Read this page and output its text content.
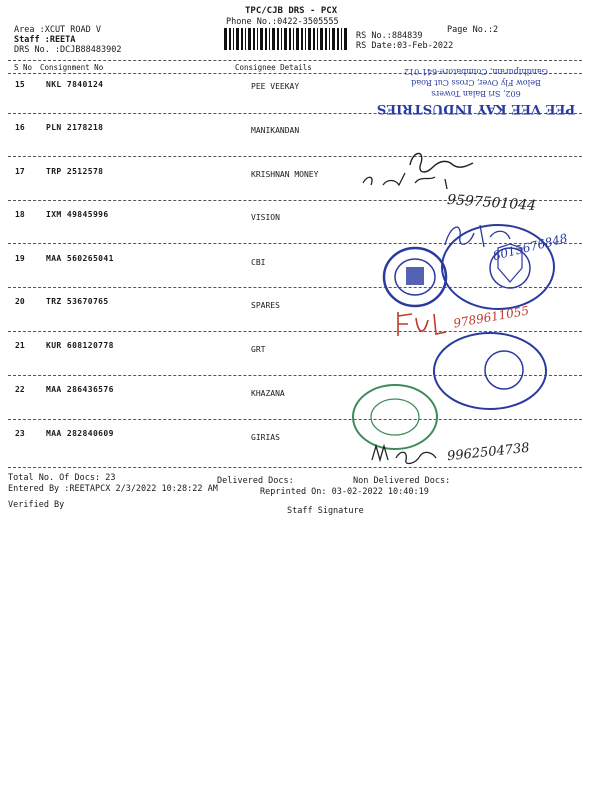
TPC/CJB DRS - PCX
Phone No.:0422-3505555
Area :XCUT ROAD V
Staff :REETA
DRS No. :DCJB88483902
RS No.:884839
RS Date:03-Feb-2022
Page No.:2
S No Consignment No	Consignee Details
15	NKL 7840124	PEE VEEKAY
16	PLN 2178218	MANIKANDAN
17	TRP 2512578	KRISHNAN MONEY
18	IXM 49845996	VISION
19	MAA 560265041	CBI
20	TRZ 53670765	SPARES
21	KUR 608120778	GRT
22	MAA 286436576	KHAZANA
23	MAA 282840609	GIRIAS
Total No. Of Docs: 23	Delivered Docs:	Non Delivered Docs:
Entered By :REETAPCX 2/3/2022 10:28:22 AM	Reprinted On: 03-02-2022 10:40:19
Verified By
Staff Signature
PEE VEE KAY INDUSTRIES
602, Sri Balan Towers
Below Fly Over, Cross Cut Road
Gandhipuram, Coimbatore-641 012
9597501044
8015676848
9789611055
9962504738
